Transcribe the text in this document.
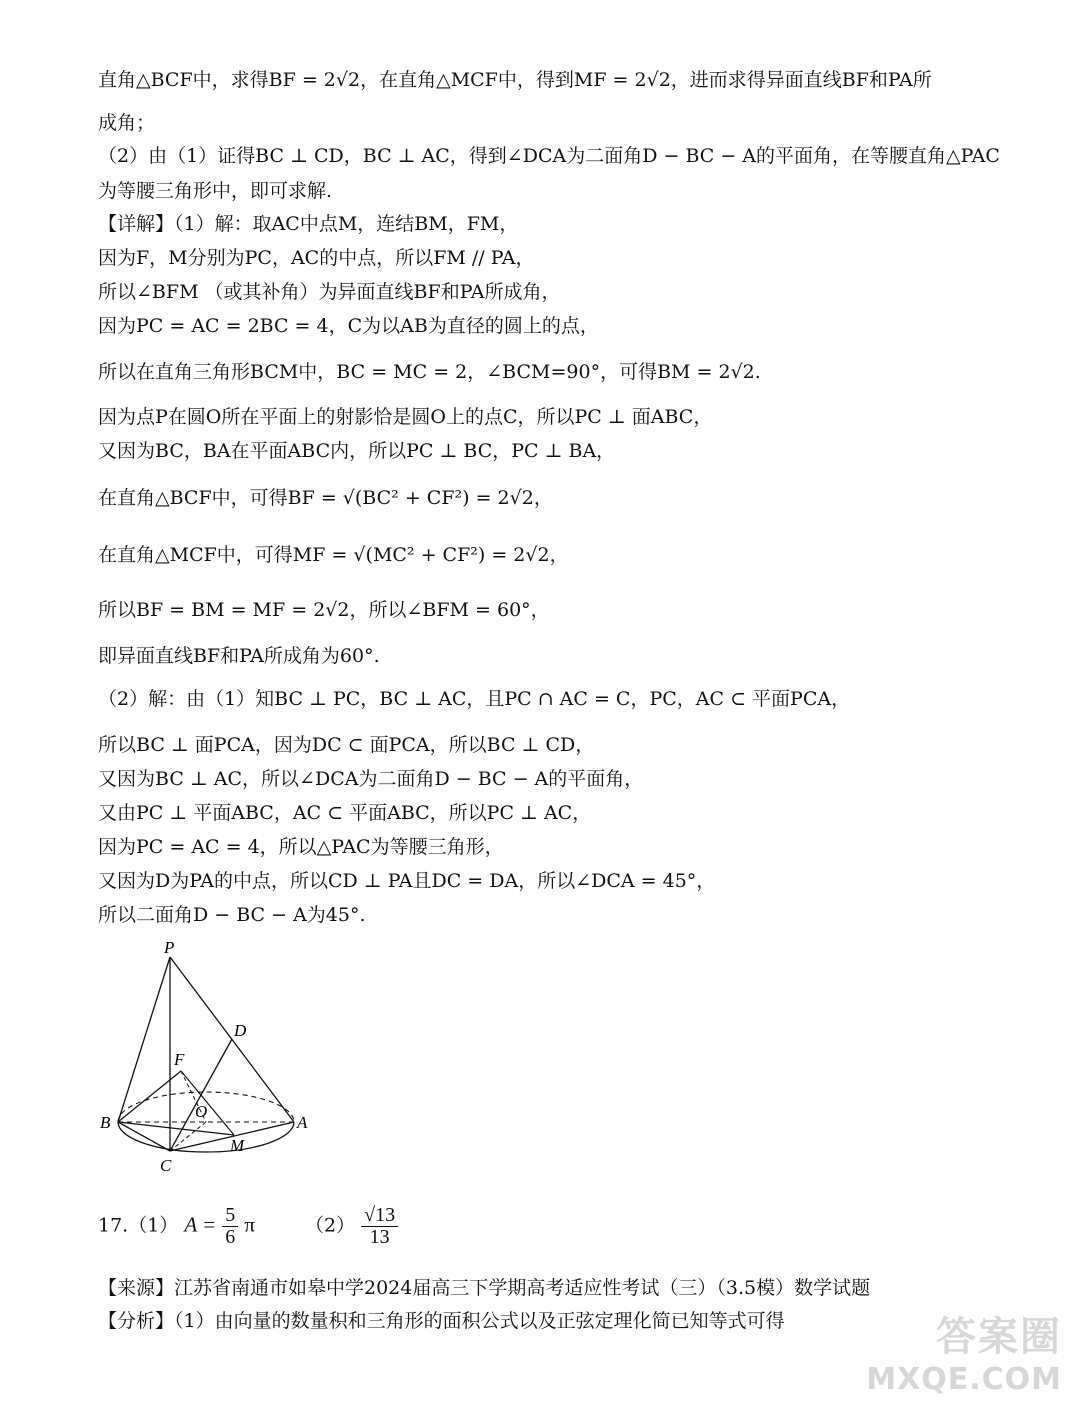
直角△BCF中，求得BF = 2√2，在直角△MCF中，得到MF = 2√2，进而求得异面直线BF和PA所
成角；
（2）由（1）证得BC ⊥ CD，BC ⊥ AC，得到∠DCA为二面角D − BC − A的平面角，在等腰直角△PAC
为等腰三角形中，即可求解.
【详解】（1）解：取AC中点M，连结BM，FM，
因为F，M分别为PC，AC的中点，所以FM // PA，
所以∠BFM （或其补角）为异面直线BF和PA所成角，
因为PC = AC = 2BC = 4，C为以AB为直径的圆上的点，
所以在直角三角形BCM中，BC = MC = 2，∠BCM=90°，可得BM = 2√2.
因为点P在圆O所在平面上的射影恰是圆O上的点C，所以PC ⊥ 面ABC，
又因为BC，BA在平面ABC内，所以PC ⊥ BC，PC ⊥ BA，
在直角△BCF中，可得BF = √(BC² + CF²) = 2√2，
在直角△MCF中，可得MF = √(MC² + CF²) = 2√2，
所以BF = BM = MF = 2√2，所以∠BFM = 60°，
即异面直线BF和PA所成角为60°.
（2）解：由（1）知BC ⊥ PC，BC ⊥ AC，且PC ∩ AC = C，PC，AC ⊂ 平面PCA，
所以BC ⊥ 面PCA，因为DC ⊂ 面PCA，所以BC ⊥ CD，
又因为BC ⊥ AC，所以∠DCA为二面角D − BC − A的平面角，
又由PC ⊥ 平面ABC，AC ⊂ 平面ABC，所以PC ⊥ AC，
因为PC = AC = 4，所以△PAC为等腰三角形，
又因为D为PA的中点，所以CD ⊥ PA且DC = DA，所以∠DCA = 45°，
所以二面角D − BC − A为45°.
【来源】江苏省南通市如皋中学2024届高三下学期高考适应性考试（三）（3.5模）数学试题
【分析】（1）由向量的数量积和三角形的面积公式以及正弦定理化简已知等式可得
P
D
F
O
B	A
M
C
17.（1） $A = \frac{5}{6}$ π	$(2) \frac{√13}{13}$
答案圈
MXQE.COM
